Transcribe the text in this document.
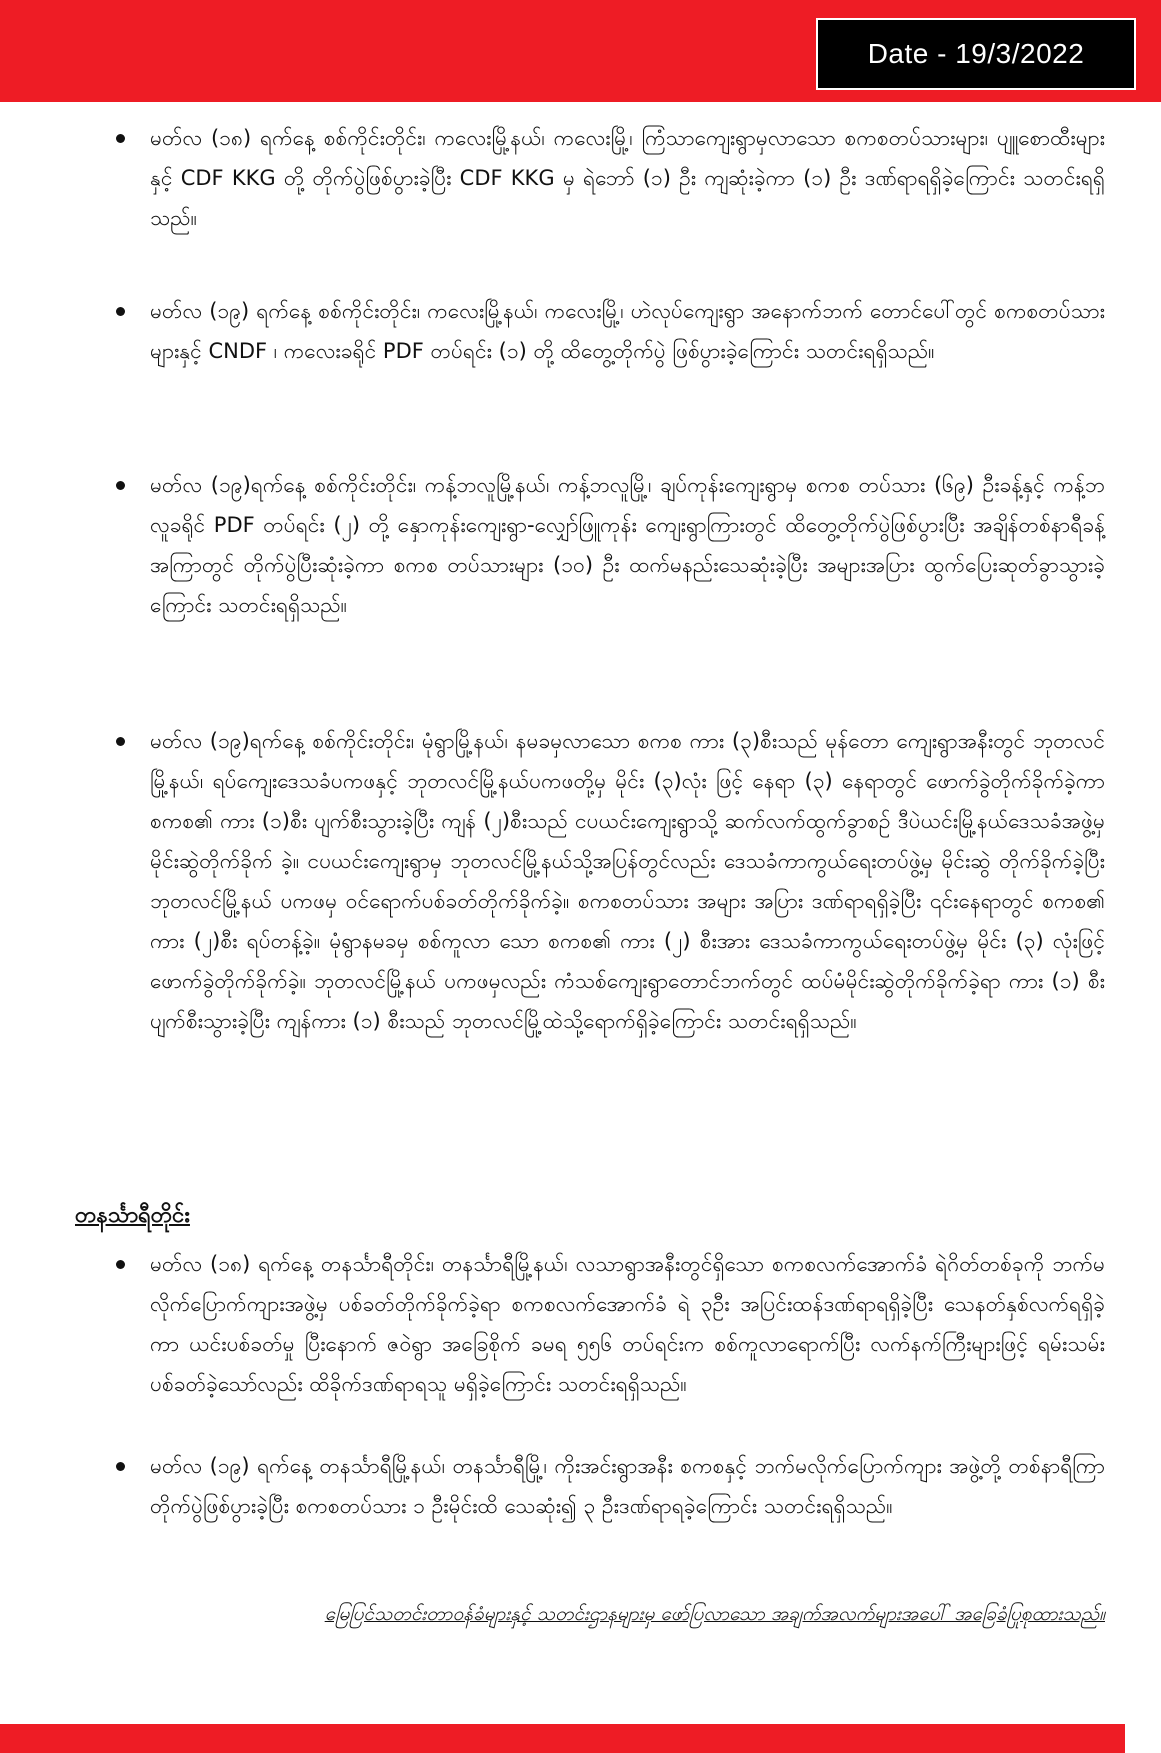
Date - 19/3/2022
မတ်လ (၁၈) ရက်နေ့ စစ်ကိုင်းတိုင်း၊ ကလေးမြို့နယ်၊ ကလေးမြို့၊ ကြံသာကျေးရွာမှလာသော စကစတပ်သားများ၊ ပျူစောထီးများနှင့် CDF KKG တို့ တိုက်ပွဲဖြစ်ပွားခဲ့ပြီး CDF KKG မှ ရဲဘော် (၁) ဦး ကျဆုံးခဲ့ကာ (၁) ဦး ဒဏ်ရာရရှိခဲ့ကြောင်း သတင်းရရှိသည်။
မတ်လ (၁၉) ရက်နေ့ စစ်ကိုင်းတိုင်း၊ ကလေးမြို့နယ်၊ ကလေးမြို့၊ ဟဲလုပ်ကျေးရွာ အနောက်ဘက် တောင်ပေါ်တွင် စကစတပ်သားများနှင့် CNDF ၊ ကလေးခရိုင် PDF တပ်ရင်း (၁) တို့ ထိတွေ့တိုက်ပွဲ ဖြစ်ပွားခဲ့ကြောင်း သတင်းရရှိသည်။
မတ်လ (၁၉)ရက်နေ့ စစ်ကိုင်းတိုင်း၊ ကန့်ဘလူမြို့နယ်၊ ကန့်ဘလူမြို့၊ ချပ်ကုန်းကျေးရွာမှ စကစ တပ်သား (၆၉) ဦးခန့်နှင့် ကန့်ဘလူခရိုင် PDF တပ်ရင်း (၂) တို့ နှောကုန်းကျေးရွာ-လျှော်ဖြူကုန်း ကျေးရွာကြားတွင် ထိတွေ့တိုက်ပွဲဖြစ်ပွားပြီး အချိန်တစ်နာရီခန့် အကြာတွင် တိုက်ပွဲပြီးဆုံးခဲ့ကာ စကစ တပ်သားများ (၁၀) ဦး ထက်မနည်းသေဆုံးခဲ့ပြီး အများအပြား ထွက်ပြေးဆုတ်ခွာသွားခဲ့ကြောင်း သတင်းရရှိသည်။
မတ်လ (၁၉)ရက်နေ့ စစ်ကိုင်းတိုင်း၊ မုံရွာမြို့နယ်၊ နမခမှလာသော စကစ ကား (၃)စီးသည် မုန်တော ကျေးရွာအနီးတွင် ဘုတလင်မြို့နယ်၊ ရပ်ကျေးဒေသခံပကဖနှင့် ဘုတလင်မြို့နယ်ပကဖတို့မှ မိုင်း (၃)လုံး ဖြင့် နေရာ (၃) နေရာတွင် ဖောက်ခွဲတိုက်ခိုက်ခဲ့ကာ စကစ၏ ကား (၁)စီး ပျက်စီးသွားခဲ့ပြီး ကျန် (၂)စီးသည် ငပယင်းကျေးရွာသို့ ဆက်လက်ထွက်ခွာစဉ် ဒီပဲယင်းမြို့နယ်ဒေသခံအဖွဲ့မှ မိုင်းဆွဲတိုက်ခိုက် ခဲ့။ ငပယင်းကျေးရွာမှ ဘုတလင်မြို့နယ်သို့အပြန်တွင်လည်း ဒေသခံကာကွယ်ရေးတပ်ဖွဲ့မှ မိုင်းဆွဲ တိုက်ခိုက်ခဲ့ပြီး ဘုတလင်မြို့နယ် ပကဖမှ ဝင်ရောက်ပစ်ခတ်တိုက်ခိုက်ခဲ့။ စကစတပ်သား အများ အပြား ဒဏ်ရာရရှိခဲ့ပြီး ၎င်းနေရာတွင် စကစ၏ ကား (၂)စီး ရပ်တန့်ခဲ့။ မုံရွာနမခမှ စစ်ကူလာ သော စကစ၏ ကား (၂) စီးအား ဒေသခံကာကွယ်ရေးတပ်ဖွဲ့မှ မိုင်း (၃) လုံးဖြင့် ဖောက်ခွဲတိုက်ခိုက်ခဲ့။ ဘုတလင်မြို့နယ် ပကဖမှလည်း ကံသစ်ကျေးရွာတောင်ဘက်တွင် ထပ်မံမိုင်းဆွဲတိုက်ခိုက်ခဲ့ရာ ကား (၁) စီး ပျက်စီးသွားခဲ့ပြီး ကျန်ကား (၁) စီးသည် ဘုတလင်မြို့ထဲသို့ရောက်ရှိခဲ့ကြောင်း သတင်းရရှိသည်။
တနင်္သာရီတိုင်း
မတ်လ (၁၈) ရက်နေ့ တနင်္သာရီတိုင်း၊ တနင်္သာရီမြို့နယ်၊ လသာရွာအနီးတွင်ရှိသော စကစလက်အောက်ခံ ရဲဂိတ်တစ်ခုကို ဘက်မလိုက်ပြောက်ကျားအဖွဲ့မှ ပစ်ခတ်တိုက်ခိုက်ခဲ့ရာ စကစလက်အောက်ခံ ရဲ ၃ဦး အပြင်းထန်ဒဏ်ရာရရှိခဲ့ပြီး သေနတ်နှစ်လက်ရရှိခဲ့ကာ ယင်းပစ်ခတ်မှု ပြီးနောက် ဇဝဲရွာ အခြေစိုက် ခမရ ၅၅၆ တပ်ရင်းက စစ်ကူလာရောက်ပြီး လက်နက်ကြီးများဖြင့် ရမ်းသမ်းပစ်ခတ်ခဲ့သော်လည်း ထိခိုက်ဒဏ်ရာရသူ မရှိခဲ့ကြောင်း သတင်းရရှိသည်။
မတ်လ (၁၉) ရက်နေ့ တနင်္သာရီမြို့နယ်၊ တနင်္သာရီမြို့၊ ကိုးအင်းရွာအနီး စကစနှင့် ဘက်မလိုက်ပြောက်ကျား အဖွဲ့တို့ တစ်နာရီကြာ တိုက်ပွဲဖြစ်ပွားခဲ့ပြီး စကစတပ်သား ၁ ဦးမိုင်းထိ သေဆုံး၍ ၃ ဦးဒဏ်ရာရခဲ့ကြောင်း သတင်းရရှိသည်။
မြေပြင်သတင်းတာဝန်ခံများနှင့် သတင်းဌာနများမှ ဖော်ပြလာသော အချက်အလက်များအပေါ် အခြေခံပြုစုထားသည်။
